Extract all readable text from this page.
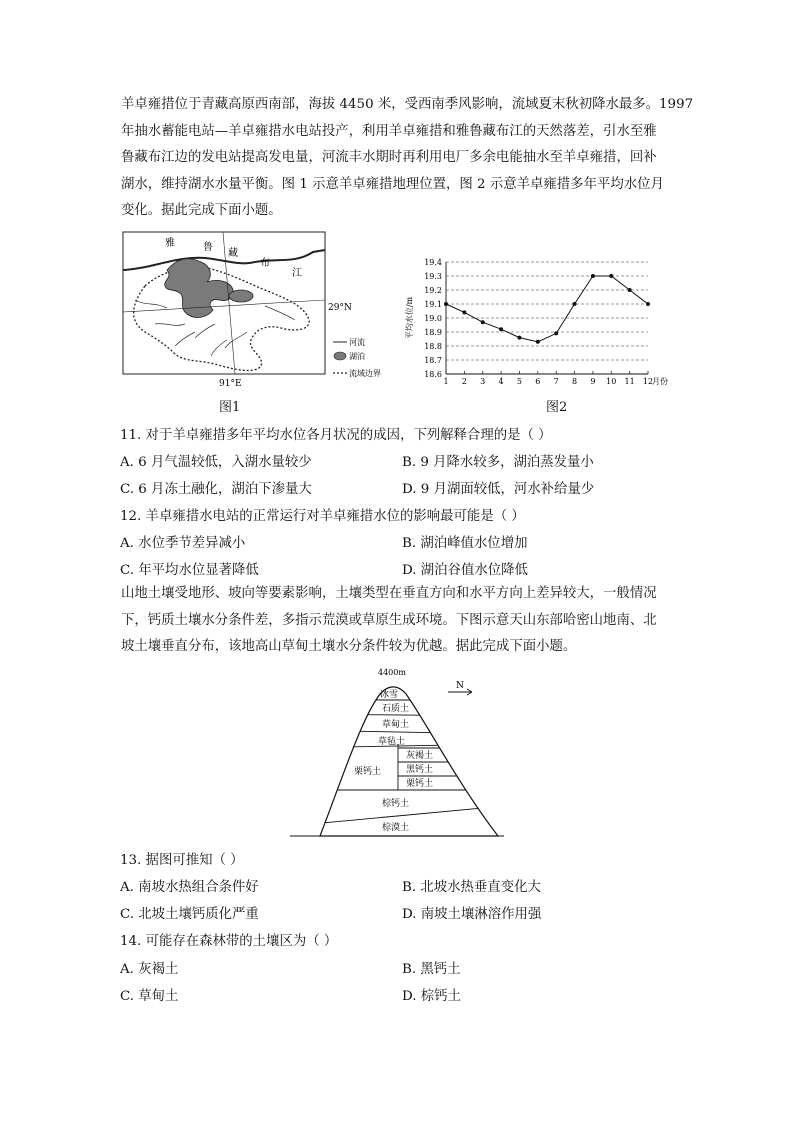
羊卓雍措位于青藏高原西南部，海拔 4450 米，受西南季风影响，流域夏末秋初降水最多。1997
年抽水蓄能电站—羊卓雍措水电站投产，利用羊卓雍措和雅鲁藏布江的天然落差，引水至雅
鲁藏布江边的发电站提高发电量，河流丰水期时再利用电厂多余电能抽水至羊卓雍措，回补
湖水，维持湖水水量平衡。图 1 示意羊卓雍措地理位置，图 2 示意羊卓雍措多年平均水位月
变化。据此完成下面小题。
雅	鲁
藏
布
江
29°N
91°E
河流
湖泊
流域边界
图1
18.6
18.7
18.8
18.9
19.0
19.1
19.2
19.3
19.4
1 2 3 4 5 6 7 8 9 10 11 12
月份
平均水位/m
图2
11. 对于羊卓雍措多年平均水位各月状况的成因，下列解释合理的是（ ）
A. 6 月气温较低，入湖水量较少	B. 9 月降水较多，湖泊蒸发量小
C. 6 月冻土融化，湖泊下渗量大	D. 9 月湖面较低，河水补给量少
12. 羊卓雍措水电站的正常运行对羊卓雍措水位的影响最可能是（ ）
A. 水位季节差异减小	B. 湖泊峰值水位增加
C. 年平均水位显著降低	D. 湖泊谷值水位降低
山地土壤受地形、坡向等要素影响，土壤类型在垂直方向和水平方向上差异较大，一般情况
下，钙质土壤水分条件差，多指示荒漠或草原生成环境。下图示意天山东部哈密山地南、北
坡土壤垂直分布，该地高山草甸土壤水分条件较为优越。据此完成下面小题。
4400m
N
冰雪
石质土
草甸土
草毡土
栗钙土
灰褐土
黑钙土
栗钙土
棕钙土
棕漠土
13. 据图可推知（ ）
A. 南坡水热组合条件好	B. 北坡水热垂直变化大
C. 北坡土壤钙质化严重	D. 南坡土壤淋溶作用强
14. 可能存在森林带的土壤区为（ ）
A. 灰褐土	B. 黑钙土
C. 草甸土	D. 棕钙土
